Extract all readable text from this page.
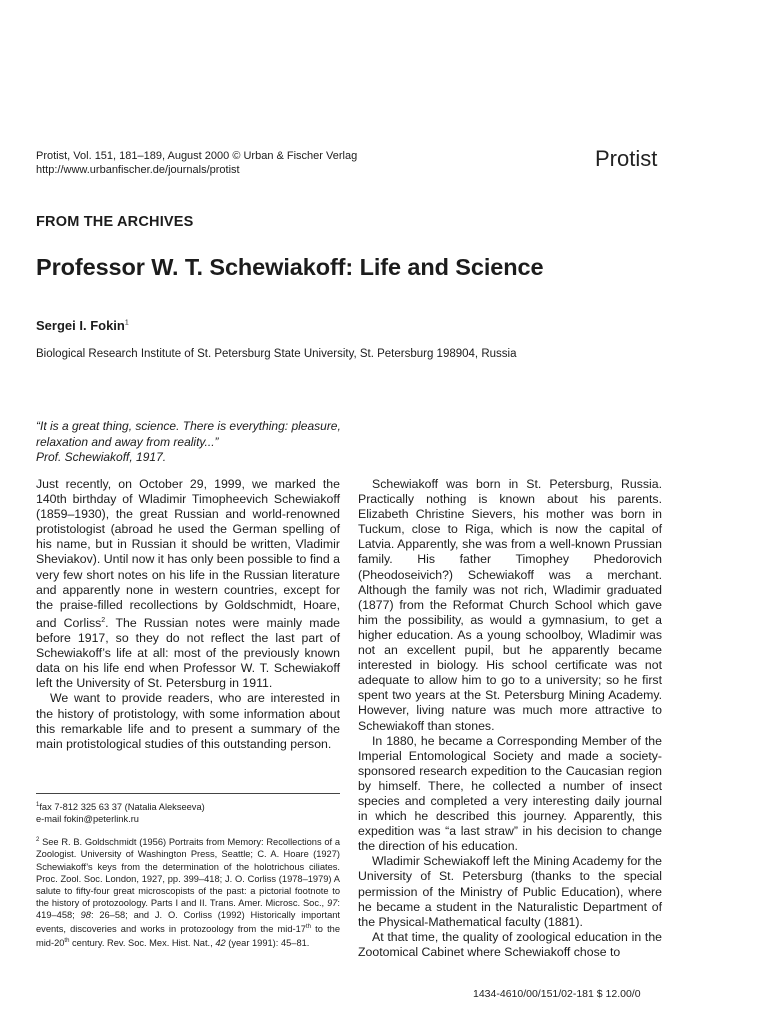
Protist, Vol. 151, 181–189, August 2000 © Urban & Fischer Verlag
http://www.urbanfischer.de/journals/protist	Protist
FROM THE ARCHIVES
Professor W. T. Schewiakoff: Life and Science
Sergei I. Fokin$^1$
Biological Research Institute of St. Petersburg State University, St. Petersburg 198904, Russia
“It is a great thing, science. There is everything: pleasure,
relaxation and away from reality...”
Prof. Schewiakoff, 1917.

Just recently, on October 29, 1999, we marked the 140th birthday of Wladimir Timopheevich Schewiakoff (1859–1930), the great Russian and world-renowned protistologist (abroad he used the German spelling of his name, but in Russian it should be written, Vladimir Sheviakov). Until now it has only been possible to find a very few short notes on his life in the Russian literature and apparently none in western countries, except for the praise-filled recollections by Goldschmidt, Hoare, and Corliss$^2$. The Russian notes were mainly made before 1917, so they do not reflect the last part of Schewiakoff’s life at all: most of the previously known data on his life end when Professor W. T. Schewiakoff left the University of St. Petersburg in 1911.

We want to provide readers, who are interested in the history of protistology, with some information about this remarkable life and to present a summary of the main protistological studies of this outstanding person.

$^1$fax 7-812 325 63 37 (Natalia Alekseeva)
e-mail fokin@peterlink.ru

$^2$ See R. B. Goldschmidt (1956) Portraits from Memory: Recollections of a Zoologist. University of Washington Press, Seattle; C. A. Hoare (1927) Schewiakoff’s keys from the determination of the holotrichous ciliates. Proc. Zool. Soc. London, 1927, pp. 399–418; J. O. Corliss (1978–1979) A salute to fifty-four great microscopists of the past: a pictorial footnote to the history of protozoology. Parts I and II. Trans. Amer. Microsc. Soc., 97: 419–458; 98: 26–58; and J. O. Corliss (1992) Historically important events, discoveries and works in protozoology from the mid-17th to the mid-20th century. Rev. Soc. Mex. Hist. Nat., 42 (year 1991): 45–81.

Schewiakoff was born in St. Petersburg, Russia. Practically nothing is known about his parents. Elizabeth Christine Sievers, his mother was born in Tuckum, close to Riga, which is now the capital of Latvia. Apparently, she was from a well-known Prussian family. His father Timophey Phedorovich (Pheodoseivich?) Schewiakoff was a merchant. Although the family was not rich, Wladimir graduated (1877) from the Reformat Church School which gave him the possibility, as would a gymnasium, to get a higher education. As a young schoolboy, Wladimir was not an excellent pupil, but he apparently became interested in biology. His school certificate was not adequate to allow him to go to a university; so he first spent two years at the St. Petersburg Mining Academy. However, living nature was much more attractive to Schewiakoff than stones.

In 1880, he became a Corresponding Member of the Imperial Entomological Society and made a society-sponsored research expedition to the Caucasian region by himself. There, he collected a number of insect species and completed a very interesting daily journal in which he described this journey. Apparently, this expedition was “a last straw” in his decision to change the direction of his education.

Wladimir Schewiakoff left the Mining Academy for the University of St. Petersburg (thanks to the special permission of the Ministry of Public Education), where he became a student in the Naturalistic Department of the Physical-Mathematical faculty (1881).

At that time, the quality of zoological education in the Zootomical Cabinet where Schewiakoff chose to

1434-4610/00/151/02-181 $ 12.00/0
